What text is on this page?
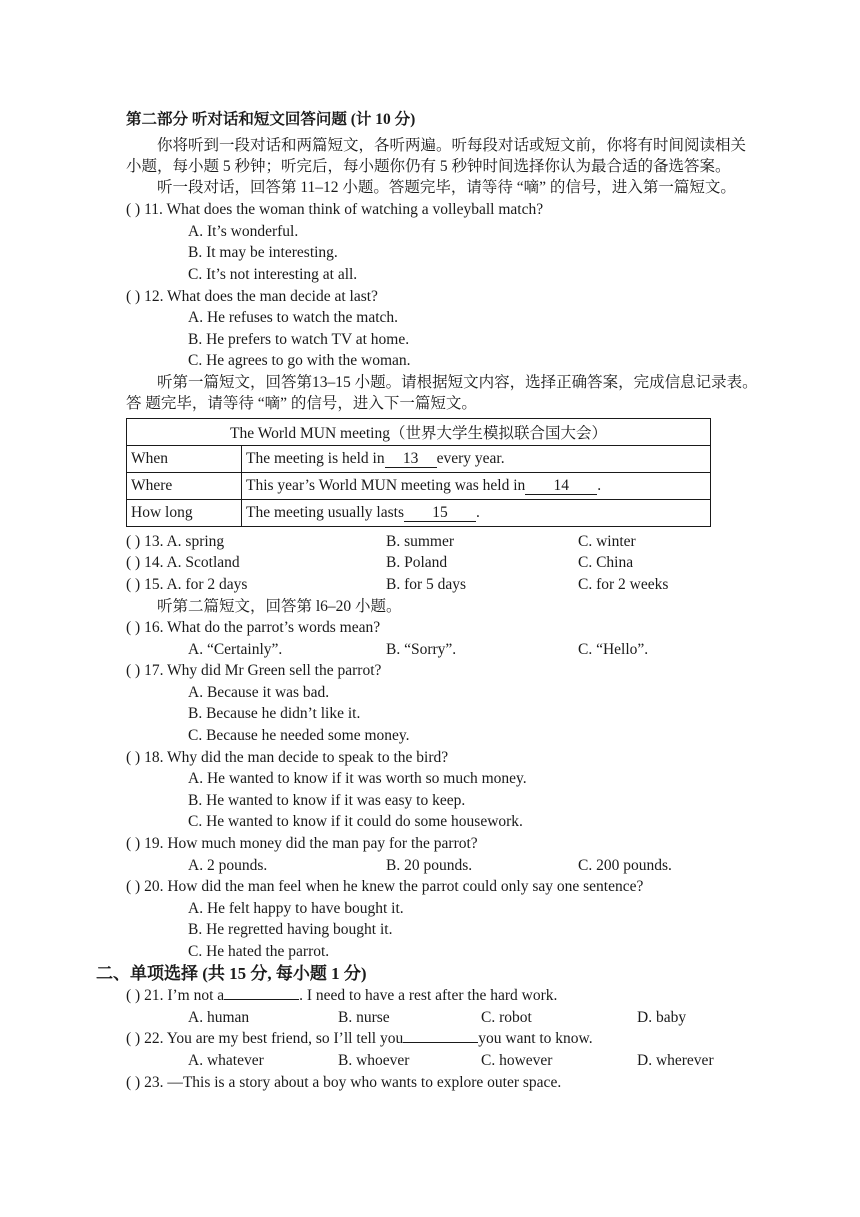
第二部分 听对话和短文回答问题 (计 10 分)
你将听到一段对话和两篇短文，各听两遍。听每段对话或短文前，你将有时间阅读相关
小题，每小题 5 秒钟；听完后，每小题你仍有 5 秒钟时间选择你认为最合适的备选答案。
听一段对话，回答第 11–12 小题。答题完毕，请等待 “嘀” 的信号，进入第一篇短文。
( ) 11. What does the woman think of watching a volleyball match?
A. It’s wonderful.
B. It may be interesting.
C. It’s not interesting at all.
( ) 12. What does the man decide at last?
A. He refuses to watch the match.
B. He prefers to watch TV at home.
C. He agrees to go with the woman.
听第一篇短文，回答第13–15 小题。请根据短文内容，选择正确答案，完成信息记录表。
答 题完毕，请等待 “嘀” 的信号，进入下一篇短文。
The World MUN meeting（世界大学生模拟联合国大会）	
When	The meeting is held in 13 every year.
Where	This year’s World MUN meeting was held in 14 .
How long	The meeting usually lasts 15 .
( ) 13. A. spring	B. summer	C. winter
( ) 14. A. Scotland	B. Poland	C. China
( ) 15. A. for 2 days	B. for 5 days	C. for 2 weeks
听第二篇短文，回答第 l6–20 小题。
( ) 16. What do the parrot’s words mean?
A. “Certainly”.	B. “Sorry”.	C. “Hello”.
( ) 17. Why did Mr Green sell the parrot?
A. Because it was bad.
B. Because he didn’t like it.
C. Because he needed some money.
( ) 18. Why did the man decide to speak to the bird?
A. He wanted to know if it was worth so much money.
B. He wanted to know if it was easy to keep.
C. He wanted to know if it could do some housework.
( ) 19. How much money did the man pay for the parrot?
A. 2 pounds.	B. 20 pounds.	C. 200 pounds.
( ) 20. How did the man feel when he knew the parrot could only say one sentence?
A. He felt happy to have bought it.
B. He regretted having bought it.
C. He hated the parrot.
二、单项选择 (共 15 分, 每小题 1 分)
( ) 21. I’m not a	. I need to have a rest after the hard work.
A. human	B. nurse	C. robot	D. baby
( ) 22. You are my best friend, so I’ll tell you	you want to know.
A. whatever	B. whoever	C. however	D. wherever
( ) 23. —This is a story about a boy who wants to explore outer space.
